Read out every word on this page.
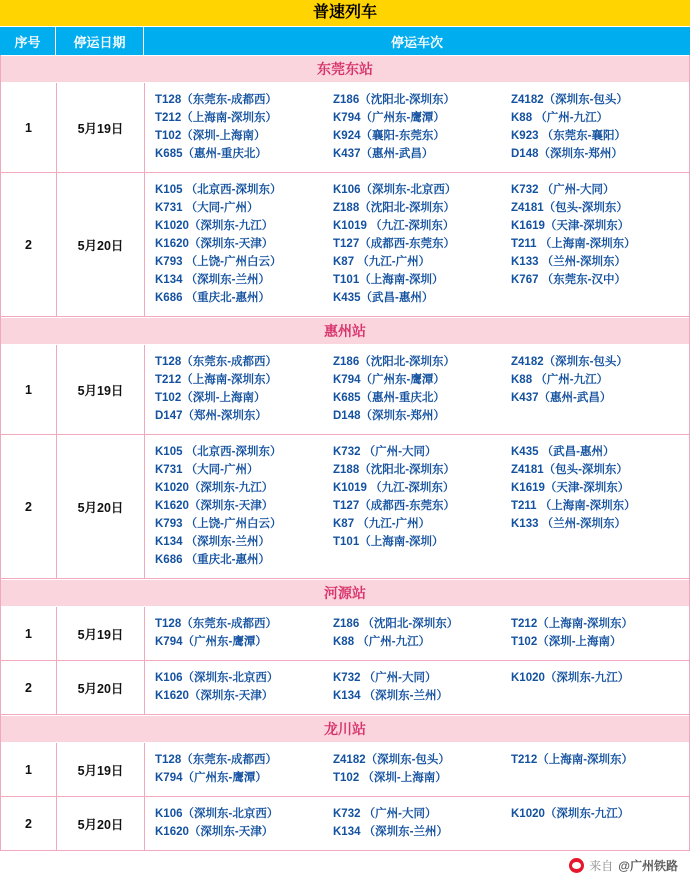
普速列车
序号	停运日期	停运车次
东莞东站
1	5月19日
T128（东莞东-成都西）	Z186（沈阳北-深圳东）	Z4182（深圳东-包头）
T212（上海南-深圳东）	K794（广州东-鹰潭）	K88 （广州-九江）
T102（深圳-上海南）	K924（襄阳-东莞东）	K923 （东莞东-襄阳）
K685（惠州-重庆北）	K437（惠州-武昌）	D148（深圳东-郑州）
2	5月20日
K105 （北京西-深圳东）	K106（深圳东-北京西）	K732 （广州-大同）
K731 （大同-广州）	Z188（沈阳北-深圳东）	Z4181（包头-深圳东）
K1020（深圳东-九江）	K1019 （九江-深圳东）	K1619（天津-深圳东）
K1620（深圳东-天津）	T127（成都西-东莞东）	T211 （上海南-深圳东）
K793 （上饶-广州白云）	K87 （九江-广州）	K133 （兰州-深圳东）
K134 （深圳东-兰州）	T101（上海南-深圳）	K767 （东莞东-汉中）
K686 （重庆北-惠州）	K435（武昌-惠州）
惠州站
1	5月19日
T128（东莞东-成都西）	Z186（沈阳北-深圳东）	Z4182（深圳东-包头）
T212（上海南-深圳东）	K794（广州东-鹰潭）	K88 （广州-九江）
T102（深圳-上海南）	K685（惠州-重庆北）	K437（惠州-武昌）
D147（郑州-深圳东）	D148（深圳东-郑州）
2	5月20日
K105 （北京西-深圳东）	K732 （广州-大同）	K435 （武昌-惠州）
K731 （大同-广州）	Z188（沈阳北-深圳东）	Z4181（包头-深圳东）
K1020（深圳东-九江）	K1019 （九江-深圳东）	K1619（天津-深圳东）
K1620（深圳东-天津）	T127（成都西-东莞东）	T211 （上海南-深圳东）
K793 （上饶-广州白云）	K87 （九江-广州）	K133 （兰州-深圳东）
K134 （深圳东-兰州）	T101（上海南-深圳）
K686 （重庆北-惠州）
河源站
1	5月19日
T128（东莞东-成都西）	Z186 （沈阳北-深圳东）	T212（上海南-深圳东）
K794（广州东-鹰潭）	K88 （广州-九江）	T102（深圳-上海南）
2	5月20日
K106（深圳东-北京西）	K732 （广州-大同）	K1020（深圳东-九江）
K1620（深圳东-天津）	K134 （深圳东-兰州）
龙川站
1	5月19日
T128（东莞东-成都西）	Z4182（深圳东-包头）	T212（上海南-深圳东）
K794（广州东-鹰潭）	T102 （深圳-上海南）
2	5月20日
K106（深圳东-北京西）	K732 （广州-大同）	K1020（深圳东-九江）
K1620（深圳东-天津）	K134 （深圳东-兰州）
来自 @广州铁路
